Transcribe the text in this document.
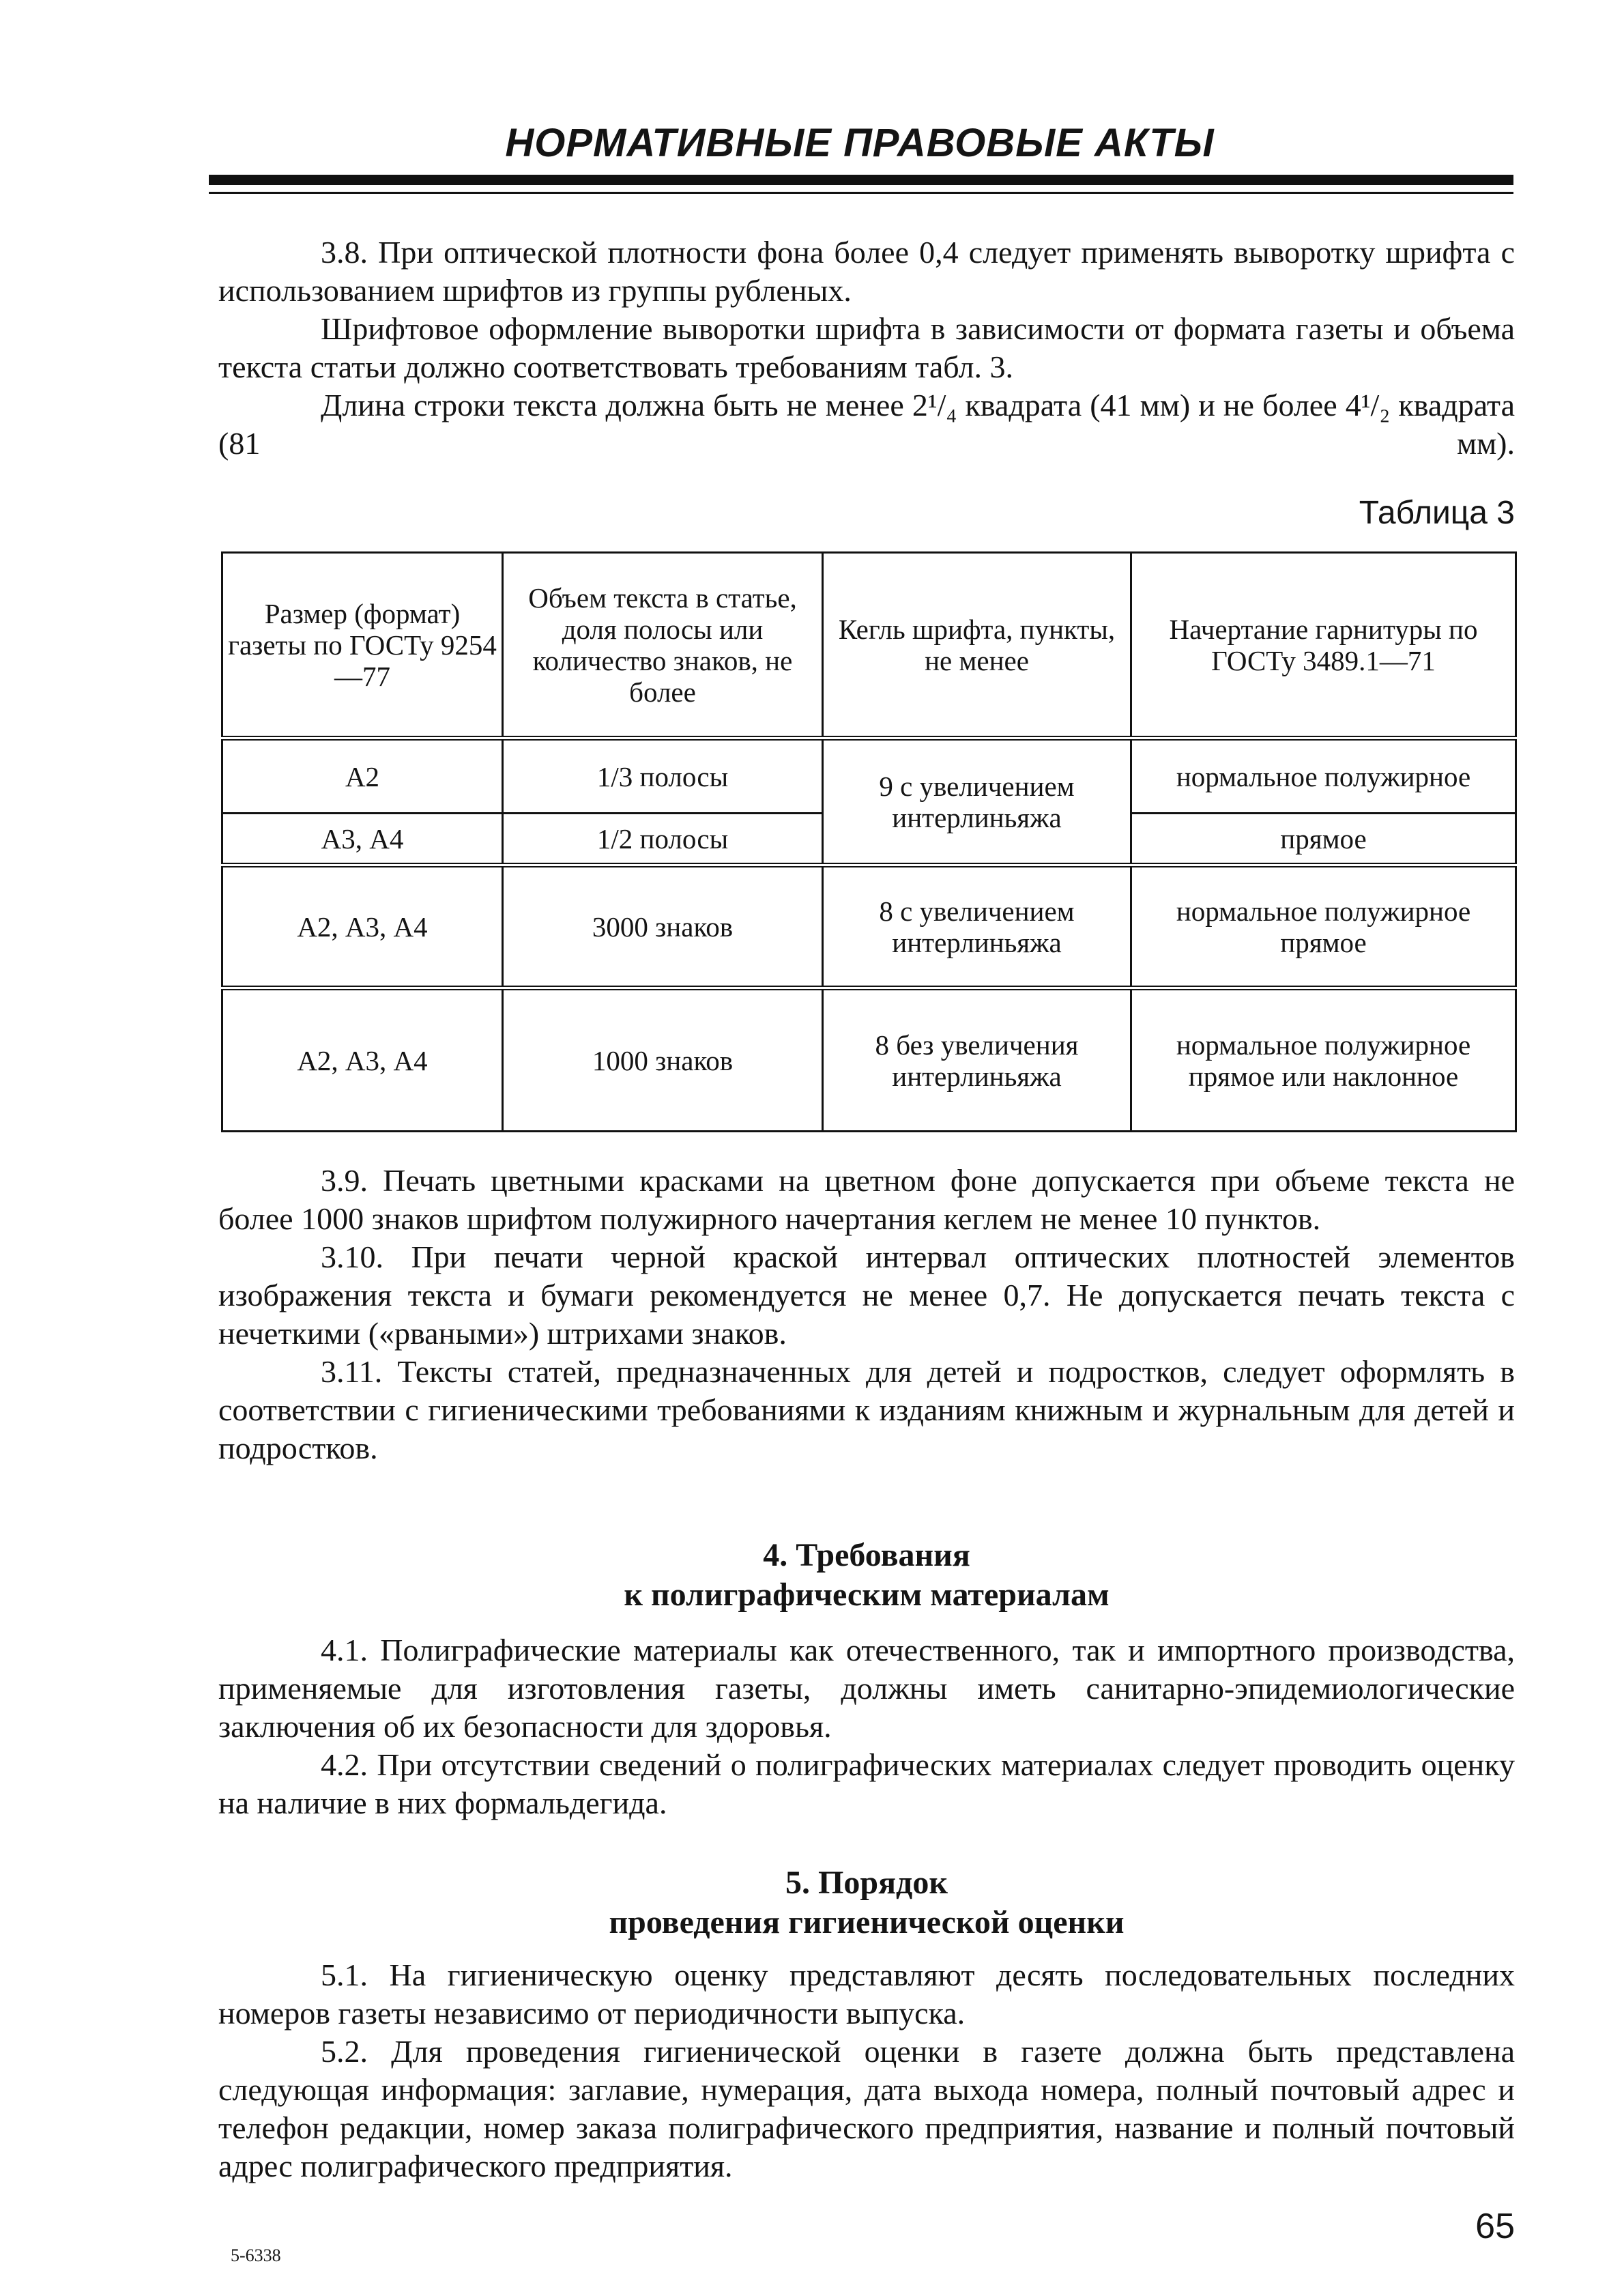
НОРМАТИВНЫЕ ПРАВОВЫЕ АКТЫ

3.8. При оптической плотности фона более 0,4 следует применять выворотку шрифта с использованием шрифтов из группы рубленых.

Шрифтовое оформление выворотки шрифта в зависимости от формата газеты и объема текста статьи должно соответствовать требованиям табл. 3.

Длина строки текста должна быть не менее 2¹/₄ квадрата (41 мм) и не более 4¹/₂ квадрата (81 мм).

Таблица 3
Размер (формат) газеты по ГОСТу 9254—77	Объем текста в статье, доля полосы или количество знаков, не более	Кегль шрифта, пункты, не менее	Начертание гарнитуры по ГОСТу 3489.1—71
А2	1/3 полосы	9 с увеличением интерлиньяжа	нормальное полужирное
А3, А4	1/2 полосы		прямое
А2, А3, А4	3000 знаков	8 с увеличением интерлиньяжа	нормальное полужирное прямое
А2, А3, А4	1000 знаков	8 без увеличения интерлиньяжа	нормальное полужирное прямое или наклонное

3.9. Печать цветными красками на цветном фоне допускается при объеме текста не более 1000 знаков шрифтом полужирного начертания кеглем не менее 10 пунктов.

3.10. При печати черной краской интервал оптических плотностей элементов изображения текста и бумаги рекомендуется не менее 0,7. Не допускается печать текста с нечеткими («рваными») штрихами знаков.

3.11. Тексты статей, предназначенных для детей и подростков, следует оформлять в соответствии с гигиеническими требованиями к изданиям книжным и журнальным для детей и подростков.

4. Требования
к полиграфическим материалам

4.1. Полиграфические материалы как отечественного, так и импортного производства, применяемые для изготовления газеты, должны иметь санитарно-эпидемиологические заключения об их безопасности для здоровья.

4.2. При отсутствии сведений о полиграфических материалах следует проводить оценку на наличие в них формальдегида.

5. Порядок
проведения гигиенической оценки

5.1. На гигиеническую оценку представляют десять последовательных последних номеров газеты независимо от периодичности выпуска.

5.2. Для проведения гигиенической оценки в газете должна быть представлена следующая информация: заглавие, нумерация, дата выхода номера, полный почтовый адрес и телефон редакции, номер заказа полиграфического предприятия, название и полный почтовый адрес полиграфического предприятия.

65
5-6338
